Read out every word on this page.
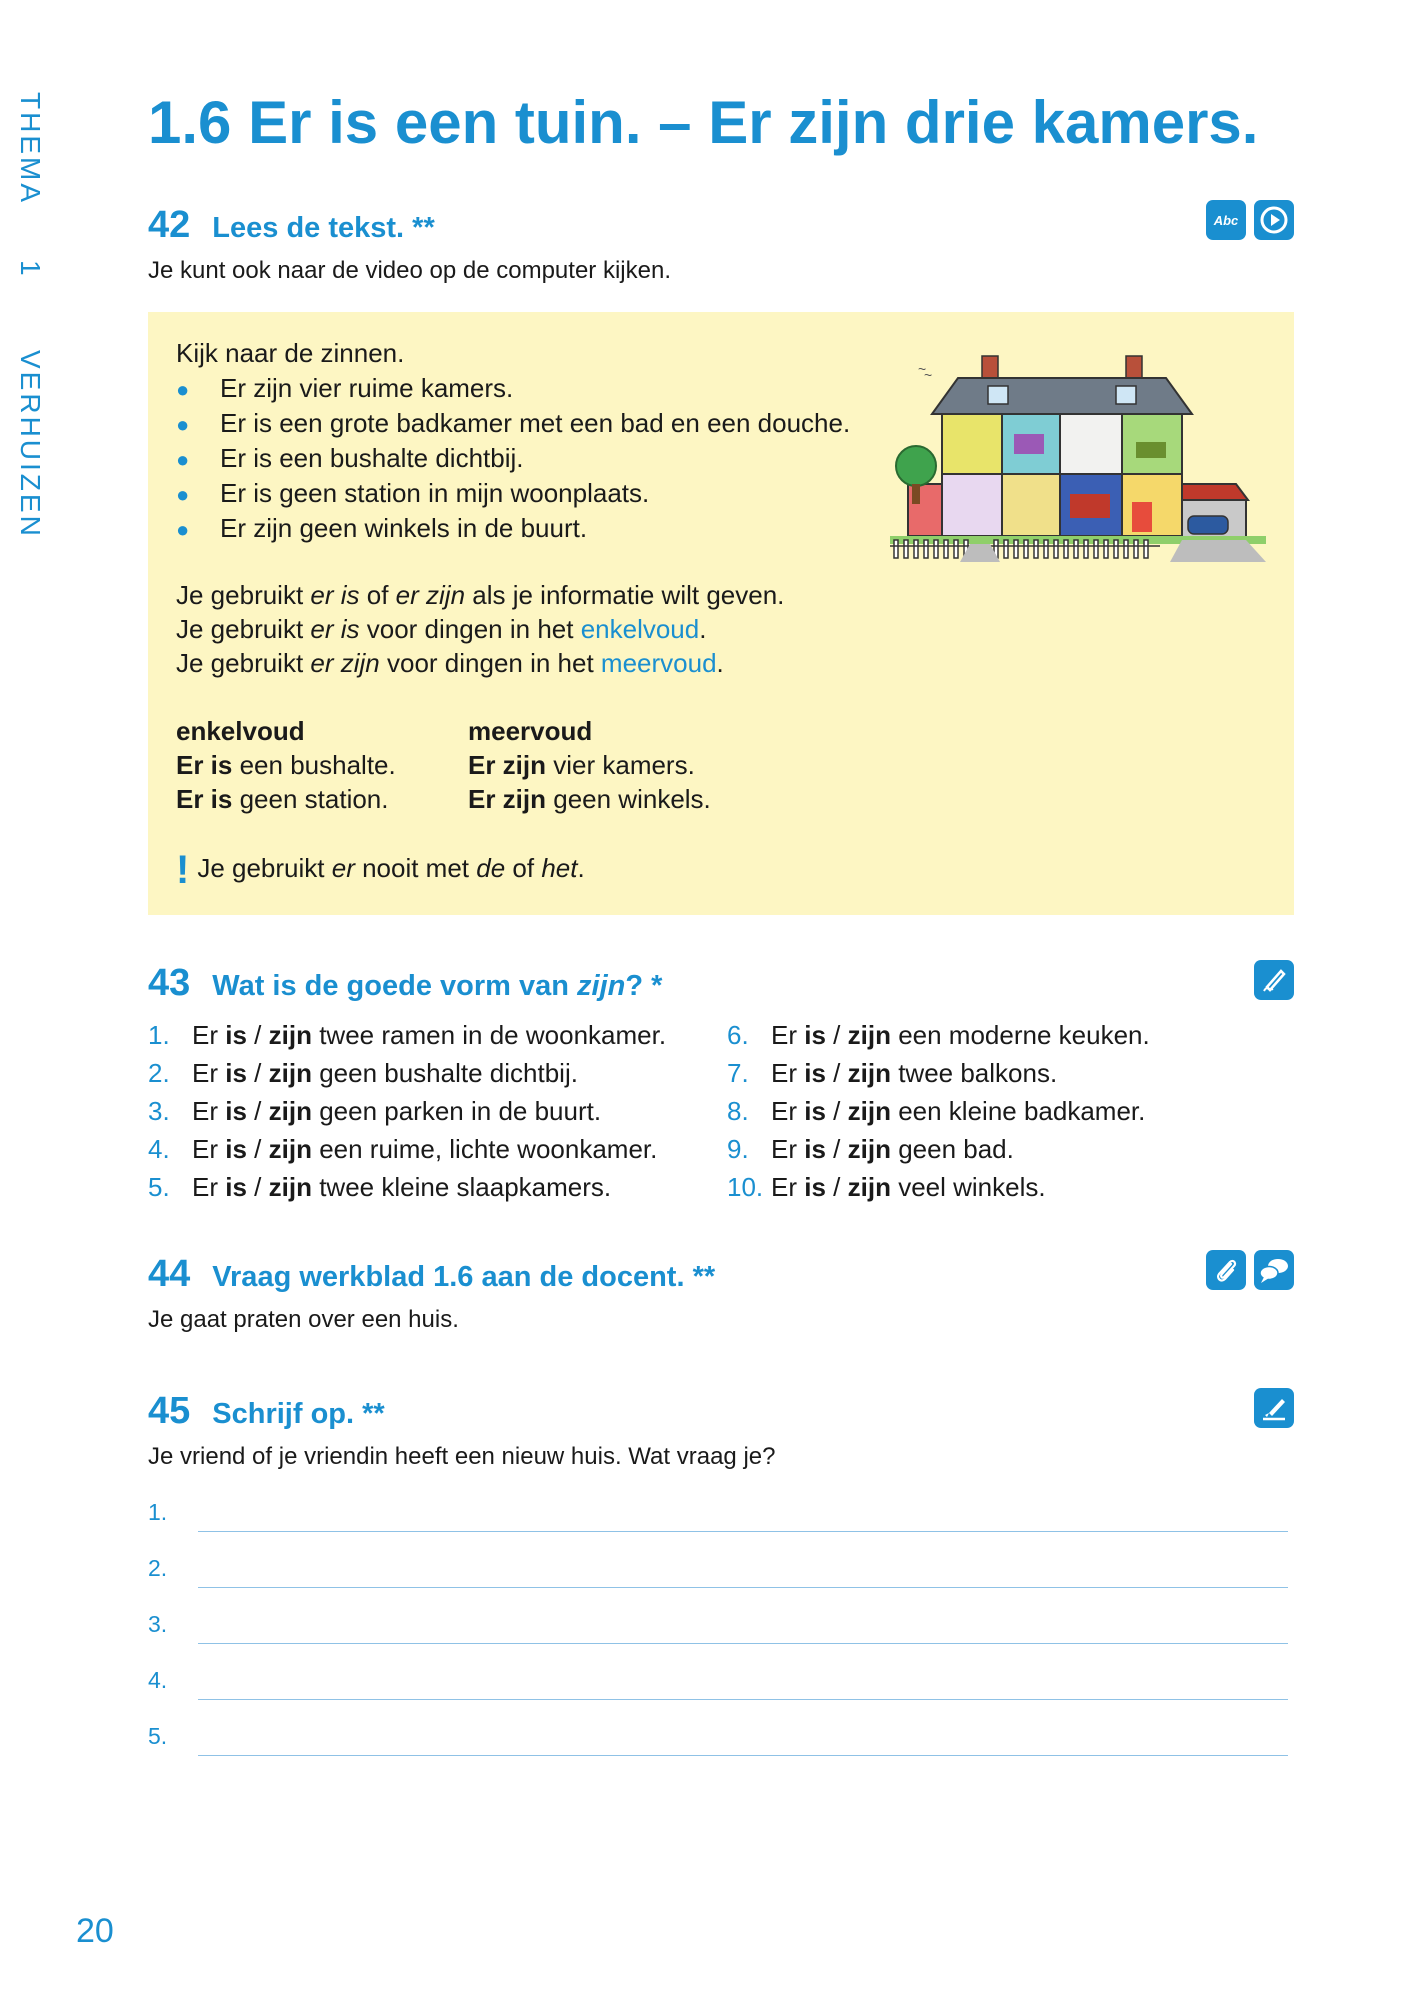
THEMA
1
VERHUIZEN
1.6 Er is een tuin. – Er zijn drie kamers.
42 Lees de tekst. **	Abc
Je kunt ook naar de video op de computer kijken.
Kijk naar de zinnen.
● Er zijn vier ruime kamers.
● Er is een grote badkamer met een bad en een douche.
● Er is een bushalte dichtbij.
● Er is geen station in mijn woonplaats.
● Er zijn geen winkels in de buurt.
~
~
Je gebruikt er is of er zijn als je informatie wilt geven.
Je gebruikt er is voor dingen in het enkelvoud.
Je gebruikt er zijn voor dingen in het meervoud.
enkelvoud
Er is een bushalte.
Er is geen station.
meervoud
Er zijn vier kamers.
Er zijn geen winkels.
! Je gebruikt er nooit met de of het.
43 Wat is de goede vorm van zijn? *
1. Er is / zijn twee ramen in de woonkamer.
2. Er is / zijn geen bushalte dichtbij.
3. Er is / zijn geen parken in de buurt.
4. Er is / zijn een ruime, lichte woonkamer.
5. Er is / zijn twee kleine slaapkamers.
6. Er is / zijn een moderne keuken.
7. Er is / zijn twee balkons.
8. Er is / zijn een kleine badkamer.
9. Er is / zijn geen bad.
10. Er is / zijn veel winkels.
44 Vraag werkblad 1.6 aan de docent. **
Je gaat praten over een huis.
45 Schrijf op. **
Je vriend of je vriendin heeft een nieuw huis. Wat vraag je?
1.
2.
3.
4.
5.
20
